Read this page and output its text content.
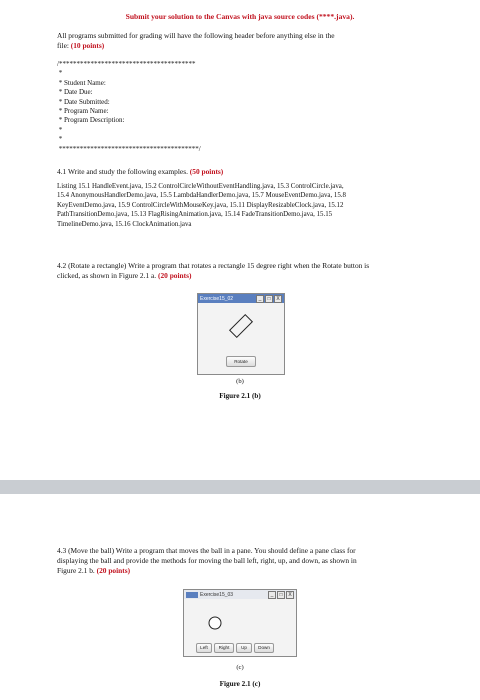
Submit your solution to the Canvas with java source codes (****.java).

All programs submitted for grading will have the following header before anything else in the

file: (10 points)

/***************************************
*
* Student Name:
* Date Due:
* Date Submitted:
* Program Name:
* Program Description:
*
*
****************************************/

4.1 Write and study the following examples. (50 points)

Listing 15.1 HandleEvent.java, 15.2 ControlCircleWithoutEventHandling.java, 15.3 ControlCircle.java,

15.4 AnonymousHandlerDemo.java, 15.5 LambdaHandlerDemo.java, 15.7 MouseEventDemo.java, 15.8

KeyEventDemo.java, 15.9 ControlCircleWithMouseKey.java, 15.11 DisplayResizableClock.java, 15.12

PathTransitionDemo.java, 15.13 FlagRisingAnimation.java, 15.14 FadeTransitionDemo.java, 15.15

TimelineDemo.java, 15.16 ClockAnimation.java

4.2 (Rotate a rectangle) Write a program that rotates a rectangle 15 degree right when the Rotate button is

clicked, as shown in Figure 2.1 a. (20 points)

Exercise15_02	_	□	X
Rotate
(b)
Figure 2.1 (b)

4.3 (Move the ball) Write a program that moves the ball in a pane. You should define a pane class for

displaying the ball and provide the methods for moving the ball left, right, up, and down, as shown in

Figure 2.1 b. (20 points)

Exercise15_03	_	□	X
Left	Right	Up	Down
(c)
Figure 2.1 (c)
